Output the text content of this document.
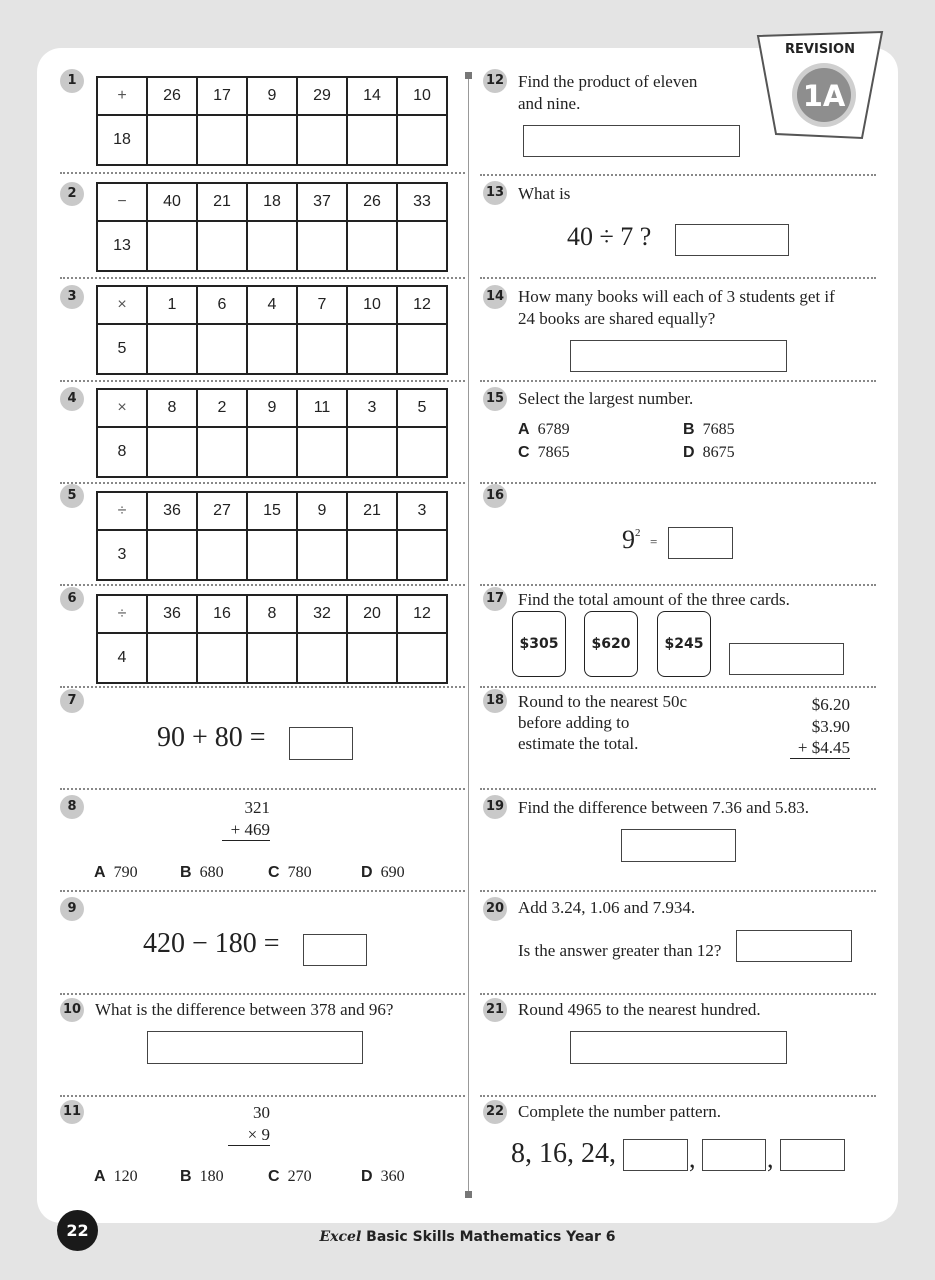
REVISION
1A
1
+	26	17	9	29	14	10
18						
2	−	40	21	18	37	26	33
13						
3	×	1	6	4	7	10	12
5						
4
×	8	2	9	11	3	5
8						
5
÷	36	27	15	9	21	3
3						
6
÷	36	16	8	32	20	12
4						
7
90 + 80 =
8	321
+ 469
A 790	B 680	C 780	D 690
9
420 − 180 =
10 What is the difference between 378 and 96?
11	30
× 9
A 120	B 180	C 270	D 360
12 Find the product of eleven
and nine.
13 What is
40 ÷ 7 ?
14 How many books will each of 3 students get if
24 books are shared equally?
15 Select the largest number.
A 6789	B 7685
C 7865	D 8675
16
$9^2$
=
17 Find the total amount of the three cards.
$305	$620	$245
18 Round to the nearest 50c
before adding to
estimate the total.
$6.20
$3.90
+ $4.45
19 Find the difference between 7.36 and 5.83.
20 Add 3.24, 1.06 and 7.934.
Is the answer greater than 12?
21 Round 4965 to the nearest hundred.
22 Complete the number pattern.
8, 16, 24,	,	,
22	Excel Basic Skills Mathematics Year 6
